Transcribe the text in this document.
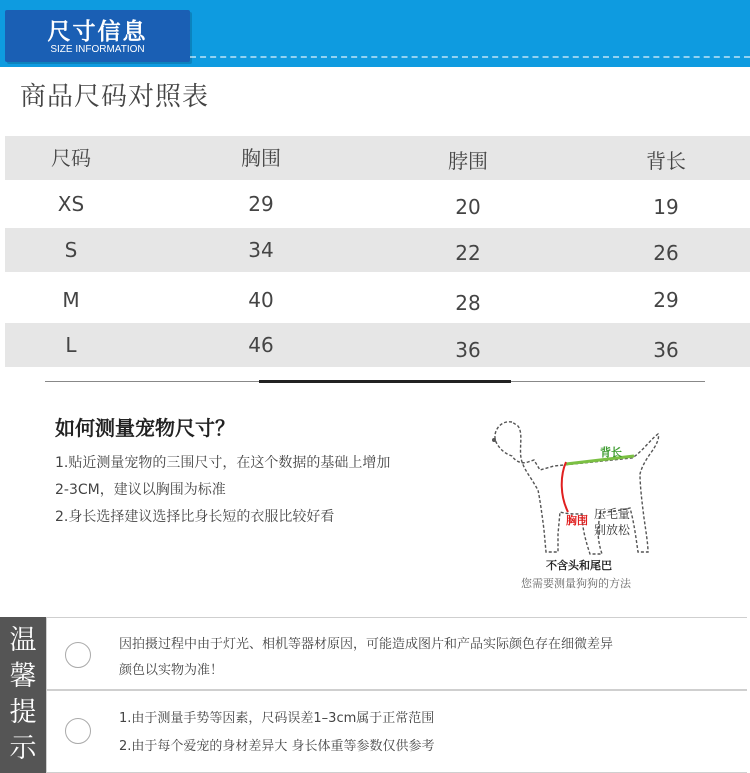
尺寸信息
SIZE INFORMATION
商品尺码对照表
尺码	胸围	脖围	背长
XS	29	20	19
S	34	22	26
M	40	28	29
L	46	36	36
如何测量宠物尺寸？
1.贴近测量宠物的三围尺寸，在这个数据的基础上增加
2-3CM，建议以胸围为标准
2.身长选择建议选择比身长短的衣服比较好看
背长
胸围 压毛量
别放松
不含头和尾巴
您需要测量狗狗的方法
温
馨
提
示
因拍摄过程中由于灯光、相机等器材原因，可能造成图片和产品实际颜色存在细微差异
颜色以实物为准！
1.由于测量手势等因素，尺码误差1–3cm属于正常范围
2.由于每个爱宠的身材差异大 身长体重等参数仅供参考
